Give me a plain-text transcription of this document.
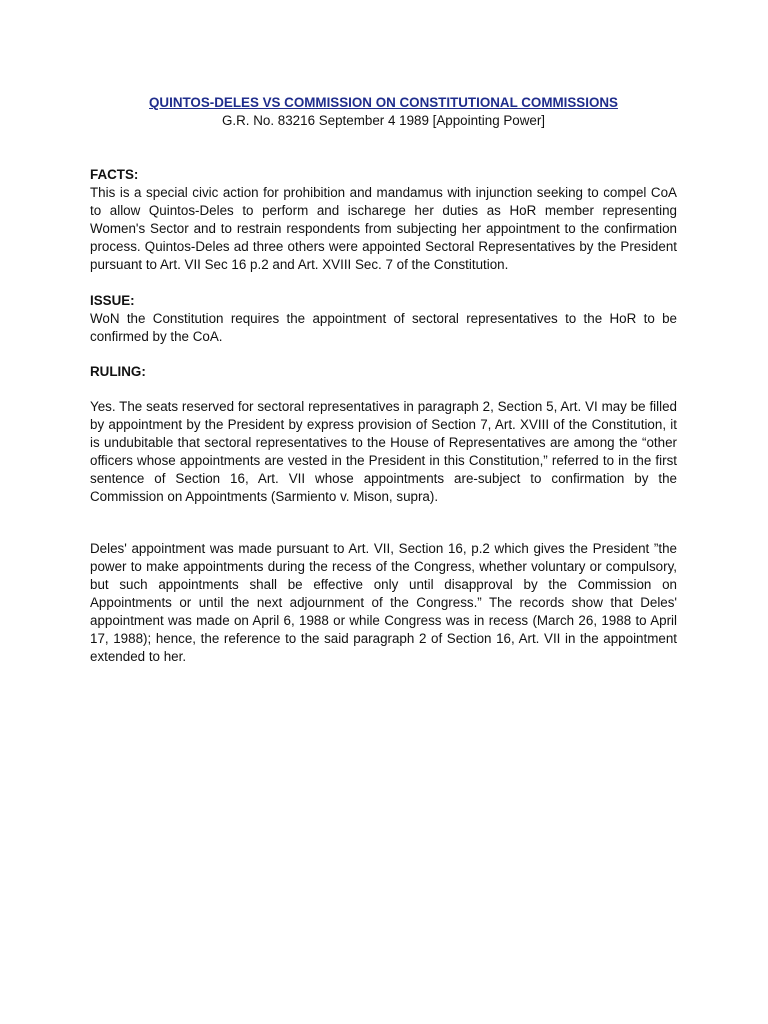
QUINTOS-DELES VS COMMISSION ON CONSTITUTIONAL COMMISSIONS

G.R. No. 83216 September 4 1989 [Appointing Power]

FACTS:

This is a special civic action for prohibition and mandamus with injunction seeking to compel CoA to allow Quintos-Deles to perform and ischarege her duties as HoR member representing Women's Sector and to restrain respondents from subjecting her appointment to the confirmation process. Quintos-Deles ad three others were appointed Sectoral Representatives by the President pursuant to Art. VII Sec 16 p.2 and Art. XVIII Sec. 7 of the Constitution.

ISSUE:

WoN the Constitution requires the appointment of sectoral representatives to the HoR to be confirmed by the CoA.

RULING:

Yes. The seats reserved for sectoral representatives in paragraph 2, Section 5, Art. VI may be filled by appointment by the President by express provision of Section 7, Art. XVIII of the Constitution, it is undubitable that sectoral representatives to the House of Representatives are among the “other officers whose appointments are vested in the President in this Constitution,” referred to in the first sentence of Section 16, Art. VII whose appointments are-subject to confirmation by the Commission on Appointments (Sarmiento v. Mison, supra).

Deles' appointment was made pursuant to Art. VII, Section 16, p.2 which gives the President ”the power to make appointments during the recess of the Congress, whether voluntary or compulsory, but such appointments shall be effective only until disapproval by the Commission on Appointments or until the next adjournment of the Congress.” The records show that Deles' appointment was made on April 6, 1988 or while Congress was in recess (March 26, 1988 to April 17, 1988); hence, the reference to the said paragraph 2 of Section 16, Art. VII in the appointment extended to her.
